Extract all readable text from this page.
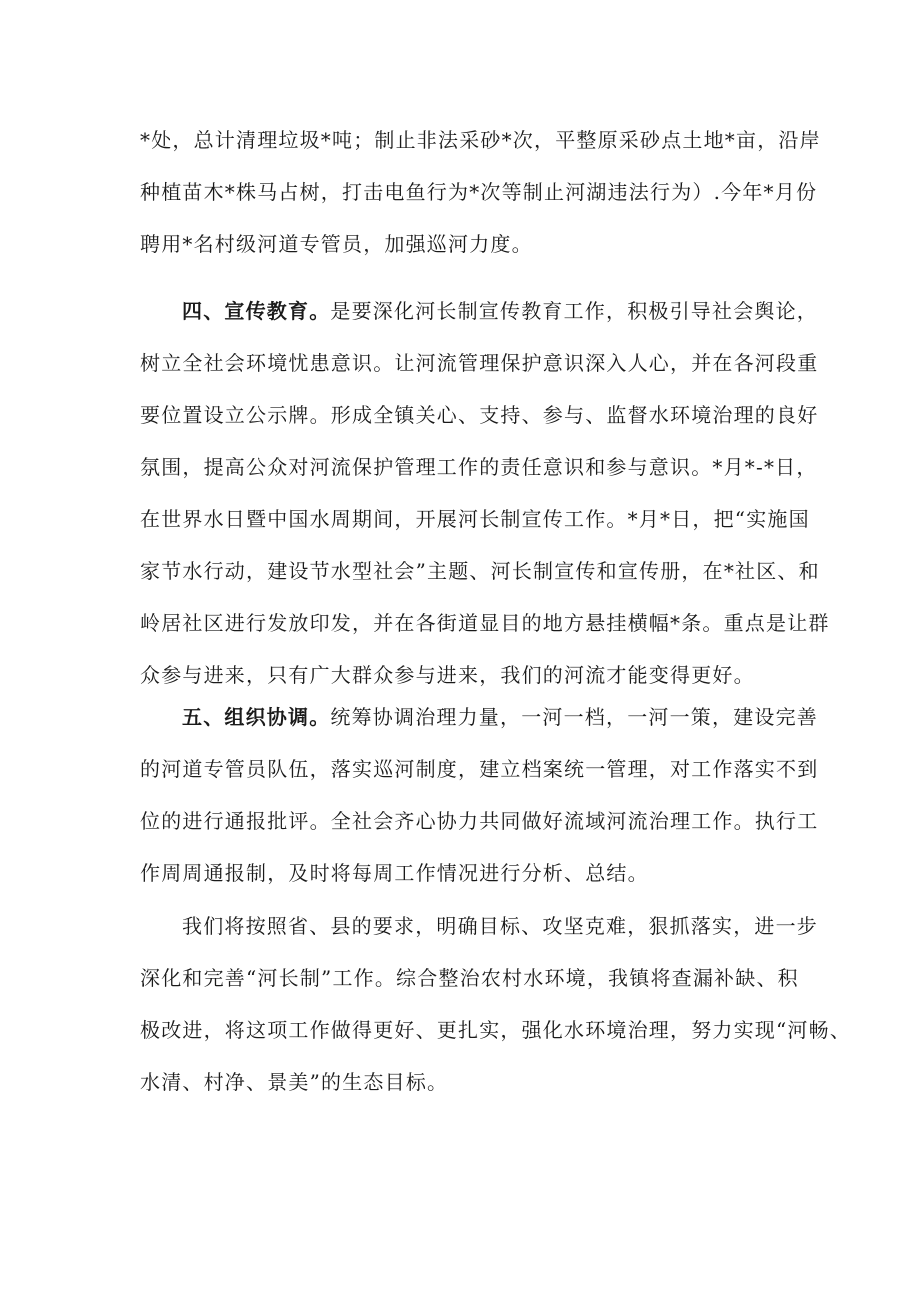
*处，总计清理垃圾*吨；制止非法采砂*次，平整原采砂点土地*亩，沿岸
种植苗木*株马占树，打击电鱼行为*次等制止河湖违法行为）.今年*月份
聘用*名村级河道专管员，加强巡河力度。
四、宣传教育。是要深化河长制宣传教育工作，积极引导社会舆论，
树立全社会环境忧患意识。让河流管理保护意识深入人心，并在各河段重
要位置设立公示牌。形成全镇关心、支持、参与、监督水环境治理的良好
氛围，提高公众对河流保护管理工作的责任意识和参与意识。*月*-*日，
在世界水日暨中国水周期间，开展河长制宣传工作。*月*日，把“实施国
家节水行动，建设节水型社会”主题、河长制宣传和宣传册，在*社区、和
岭居社区进行发放印发，并在各街道显目的地方悬挂横幅*条。重点是让群
众参与进来，只有广大群众参与进来，我们的河流才能变得更好。
五、组织协调。统筹协调治理力量，一河一档，一河一策，建设完善
的河道专管员队伍，落实巡河制度，建立档案统一管理，对工作落实不到
位的进行通报批评。全社会齐心协力共同做好流域河流治理工作。执行工
作周周通报制，及时将每周工作情况进行分析、总结。
我们将按照省、县的要求，明确目标、攻坚克难，狠抓落实，进一步
深化和完善“河长制”工作。综合整治农村水环境，我镇将查漏补缺、积
极改进，将这项工作做得更好、更扎实，强化水环境治理，努力实现“河畅、
水清、村净、景美”的生态目标。
